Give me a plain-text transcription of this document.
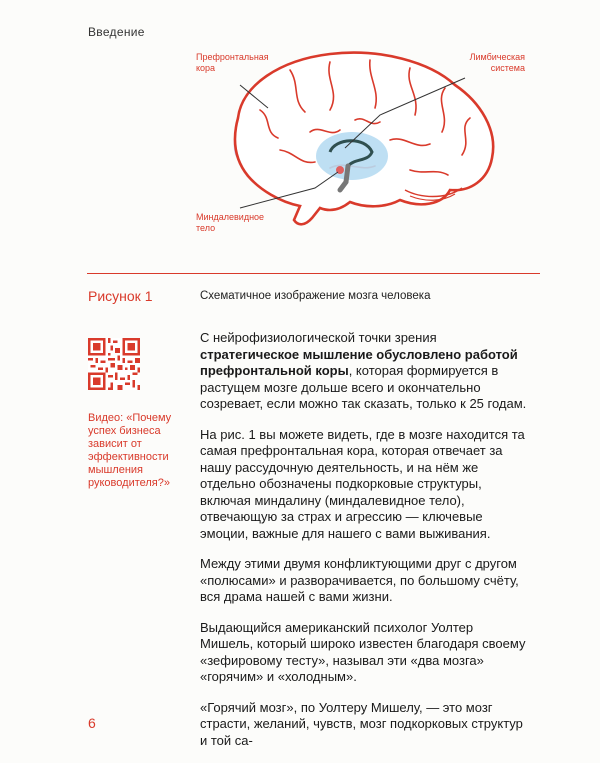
Введение
Префронтальная кора
Лимбическая система
Миндалевидное тело
Рисунок 1	Схематичное изображение мозга человека
Видео: «Почему успех бизнеса зависит от эффективности мышления руководителя?»

С нейрофизиологической точки зрения стратегическое мышление обусловлено работой префронтальной коры, которая формируется в растущем мозге дольше всего и окончательно созревает, если можно так сказать, только к 25 годам.

На рис. 1 вы можете видеть, где в мозге находится та самая префронтальная кора, которая отвечает за нашу рассудочную деятельность, и на нём же отдельно обозначены подкорковые структуры, включая миндалину (миндалевидное тело), отвечающую за страх и агрессию — ключевые эмоции, важные для нашего с вами выживания.

Между этими двумя конфликтующими друг с другом «полюсами» и разворачивается, по большому счёту, вся драма нашей с вами жизни.

Выдающийся американский психолог Уолтер Мишель, который широко известен благодаря своему «зефировому тесту», называл эти «два мозга» «горячим» и «холодным».

«Горячий мозг», по Уолтеру Мишелу, — это мозг страсти, желаний, чувств, мозг подкорковых структур и той са-

6
